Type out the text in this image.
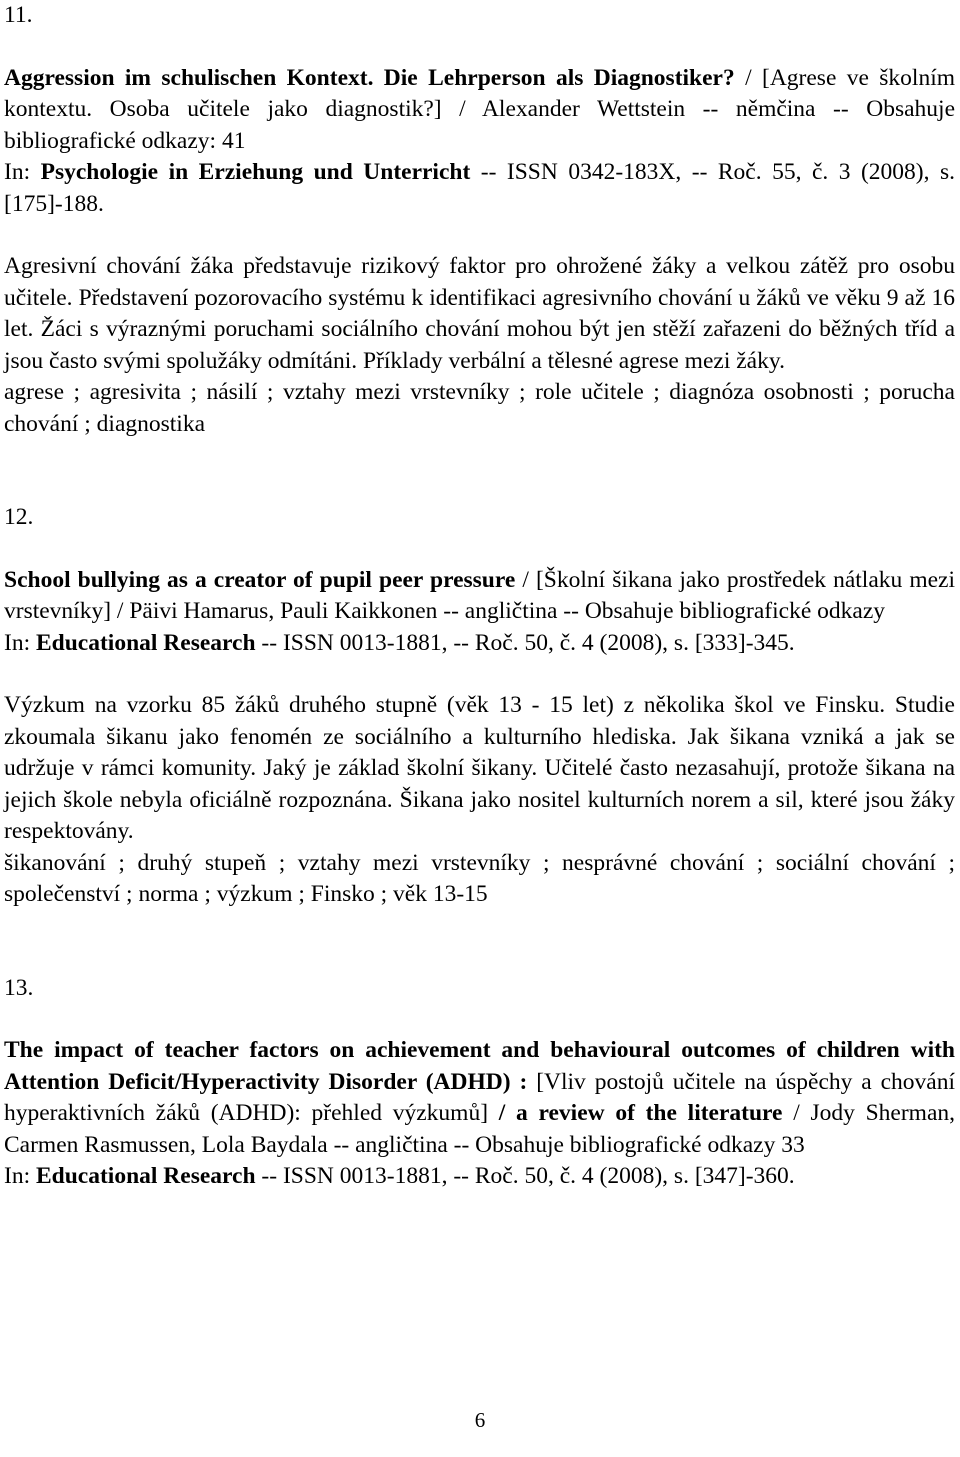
11.

Aggression im schulischen Kontext. Die Lehrperson als Diagnostiker? / [Agrese ve školním kontextu. Osoba učitele jako diagnostik?] / Alexander Wettstein -- němčina -- Obsahuje bibliografické odkazy: 41
In: Psychologie in Erziehung und Unterricht -- ISSN 0342-183X, -- Roč. 55, č. 3 (2008), s. [175]-188.

Agresivní chování žáka představuje rizikový faktor pro ohrožené žáky a velkou zátěž pro osobu učitele. Představení pozorovacího systému k identifikaci agresivního chování u žáků ve věku 9 až 16 let. Žáci s výraznými poruchami sociálního chování mohou být jen stěží zařazeni do běžných tříd a jsou často svými spolužáky odmítáni. Příklady verbální a tělesné agrese mezi žáky.

agrese ; agresivita ; násilí ; vztahy mezi vrstevníky ; role učitele ; diagnóza osobnosti ; porucha chování ; diagnostika

12.

School bullying as a creator of pupil peer pressure / [Školní šikana jako prostředek nátlaku mezi vrstevníky] / Päivi Hamarus, Pauli Kaikkonen -- angličtina -- Obsahuje bibliografické odkazy
In: Educational Research -- ISSN 0013-1881, -- Roč. 50, č. 4 (2008), s. [333]-345.

Výzkum na vzorku 85 žáků druhého stupně (věk 13 - 15 let) z několika škol ve Finsku. Studie zkoumala šikanu jako fenomén ze sociálního a kulturního hlediska. Jak šikana vzniká a jak se udržuje v rámci komunity. Jaký je základ školní šikany. Učitelé často nezasahují, protože šikana na jejich škole nebyla oficiálně rozpoznána. Šikana jako nositel kulturních norem a sil, které jsou žáky respektovány.

šikanování ; druhý stupeň ; vztahy mezi vrstevníky ; nesprávné chování ; sociální chování ; společenství ; norma ; výzkum ; Finsko ; věk 13-15

13.

The impact of teacher factors on achievement and behavioural outcomes of children with Attention Deficit/Hyperactivity Disorder (ADHD) : [Vliv postojů učitele na úspěchy a chování hyperaktivních žáků (ADHD): přehled výzkumů] / a review of the literature / Jody Sherman, Carmen Rasmussen, Lola Baydala -- angličtina -- Obsahuje bibliografické odkazy 33
In: Educational Research -- ISSN 0013-1881, -- Roč. 50, č. 4 (2008), s. [347]-360.

6
